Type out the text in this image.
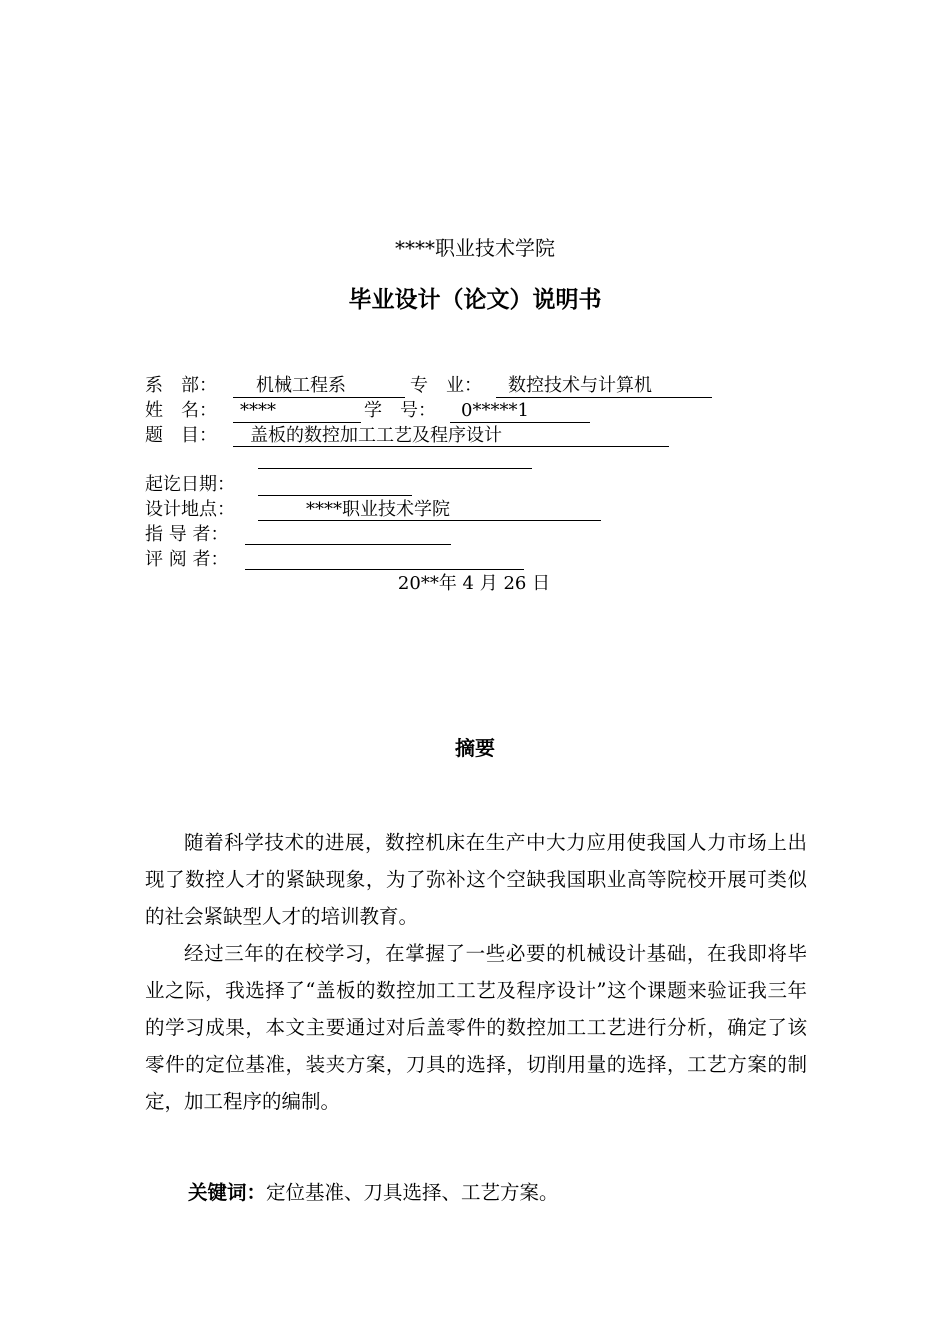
****职业技术学院
毕业设计（论文）说明书
系　部： 机械工程系	专　业： 数控技术与计算机
姓　名： ****	学　号： 0*****1
题　目： 盖板的数控加工工艺及程序设计
起讫日期：
设计地点：	****职业技术学院
指 导 者：
评 阅 者：
20**年 4 月 26 日
摘要

随着科学技术的进展，数控机床在生产中大力应用使我国人力市场上出现了数控人才的紧缺现象，为了弥补这个空缺我国职业高等院校开展可类似的社会紧缺型人才的培训教育。

经过三年的在校学习，在掌握了一些必要的机械设计基础，在我即将毕业之际，我选择了“盖板的数控加工工艺及程序设计”这个课题来验证我三年的学习成果，本文主要通过对后盖零件的数控加工工艺进行分析，确定了该零件的定位基准，装夹方案，刀具的选择，切削用量的选择，工艺方案的制定，加工程序的编制。

关键词：定位基准、刀具选择、工艺方案。
